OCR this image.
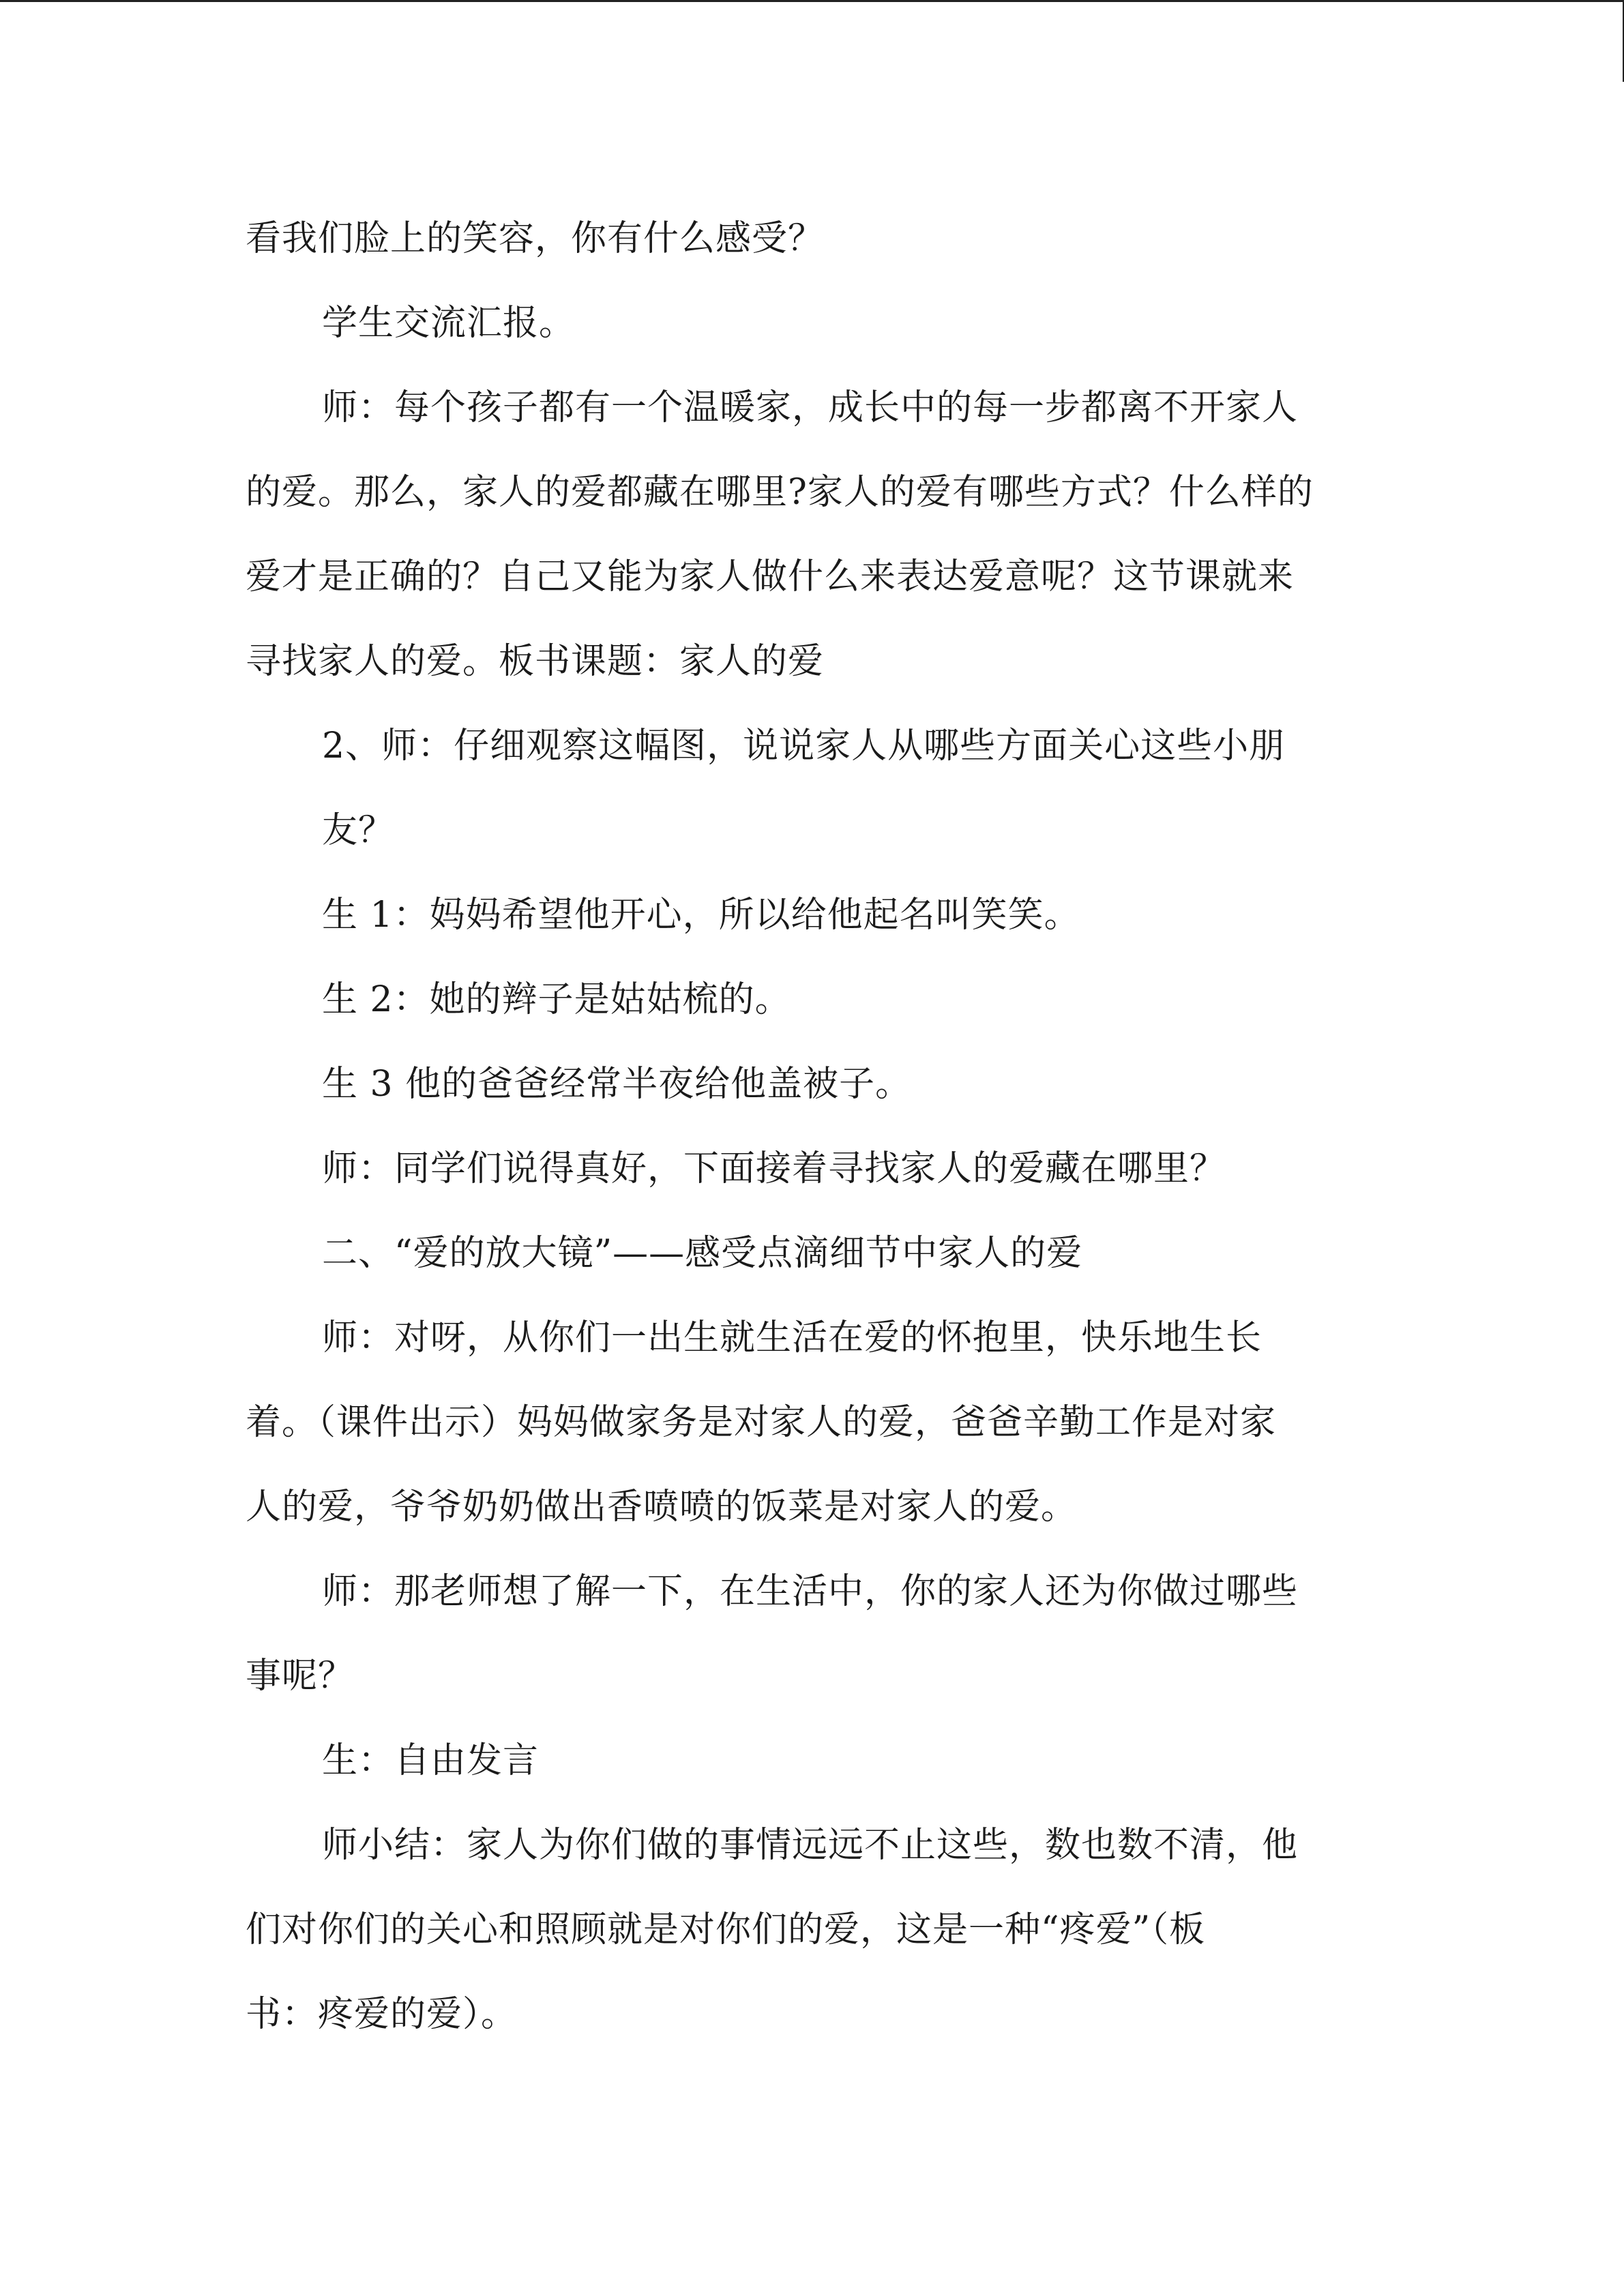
看我们脸上的笑容，你有什么感受？
学生交流汇报。
师：每个孩子都有一个温暖家，成长中的每一步都离不开家人
的爱。那么，家人的爱都藏在哪里?家人的爱有哪些方式？什么样的
爱才是正确的？自己又能为家人做什么来表达爱意呢？这节课就来
寻找家人的爱。板书课题：家人的爱
2、师：仔细观察这幅图，说说家人从哪些方面关心这些小朋
友？
生 1：妈妈希望他开心，所以给他起名叫笑笑。
生 2：她的辫子是姑姑梳的。
生 3 他的爸爸经常半夜给他盖被子。
师：同学们说得真好，下面接着寻找家人的爱藏在哪里？
二、“爱的放大镜”——感受点滴细节中家人的爱
师：对呀，从你们一出生就生活在爱的怀抱里，快乐地生长
着。（课件出示）妈妈做家务是对家人的爱，爸爸辛勤工作是对家
人的爱，爷爷奶奶做出香喷喷的饭菜是对家人的爱。
师：那老师想了解一下，在生活中，你的家人还为你做过哪些
事呢？
生：自由发言
师小结：家人为你们做的事情远远不止这些，数也数不清，他
们对你们的关心和照顾就是对你们的爱，这是一种“疼爱”（板
书：疼爱的爱）。
